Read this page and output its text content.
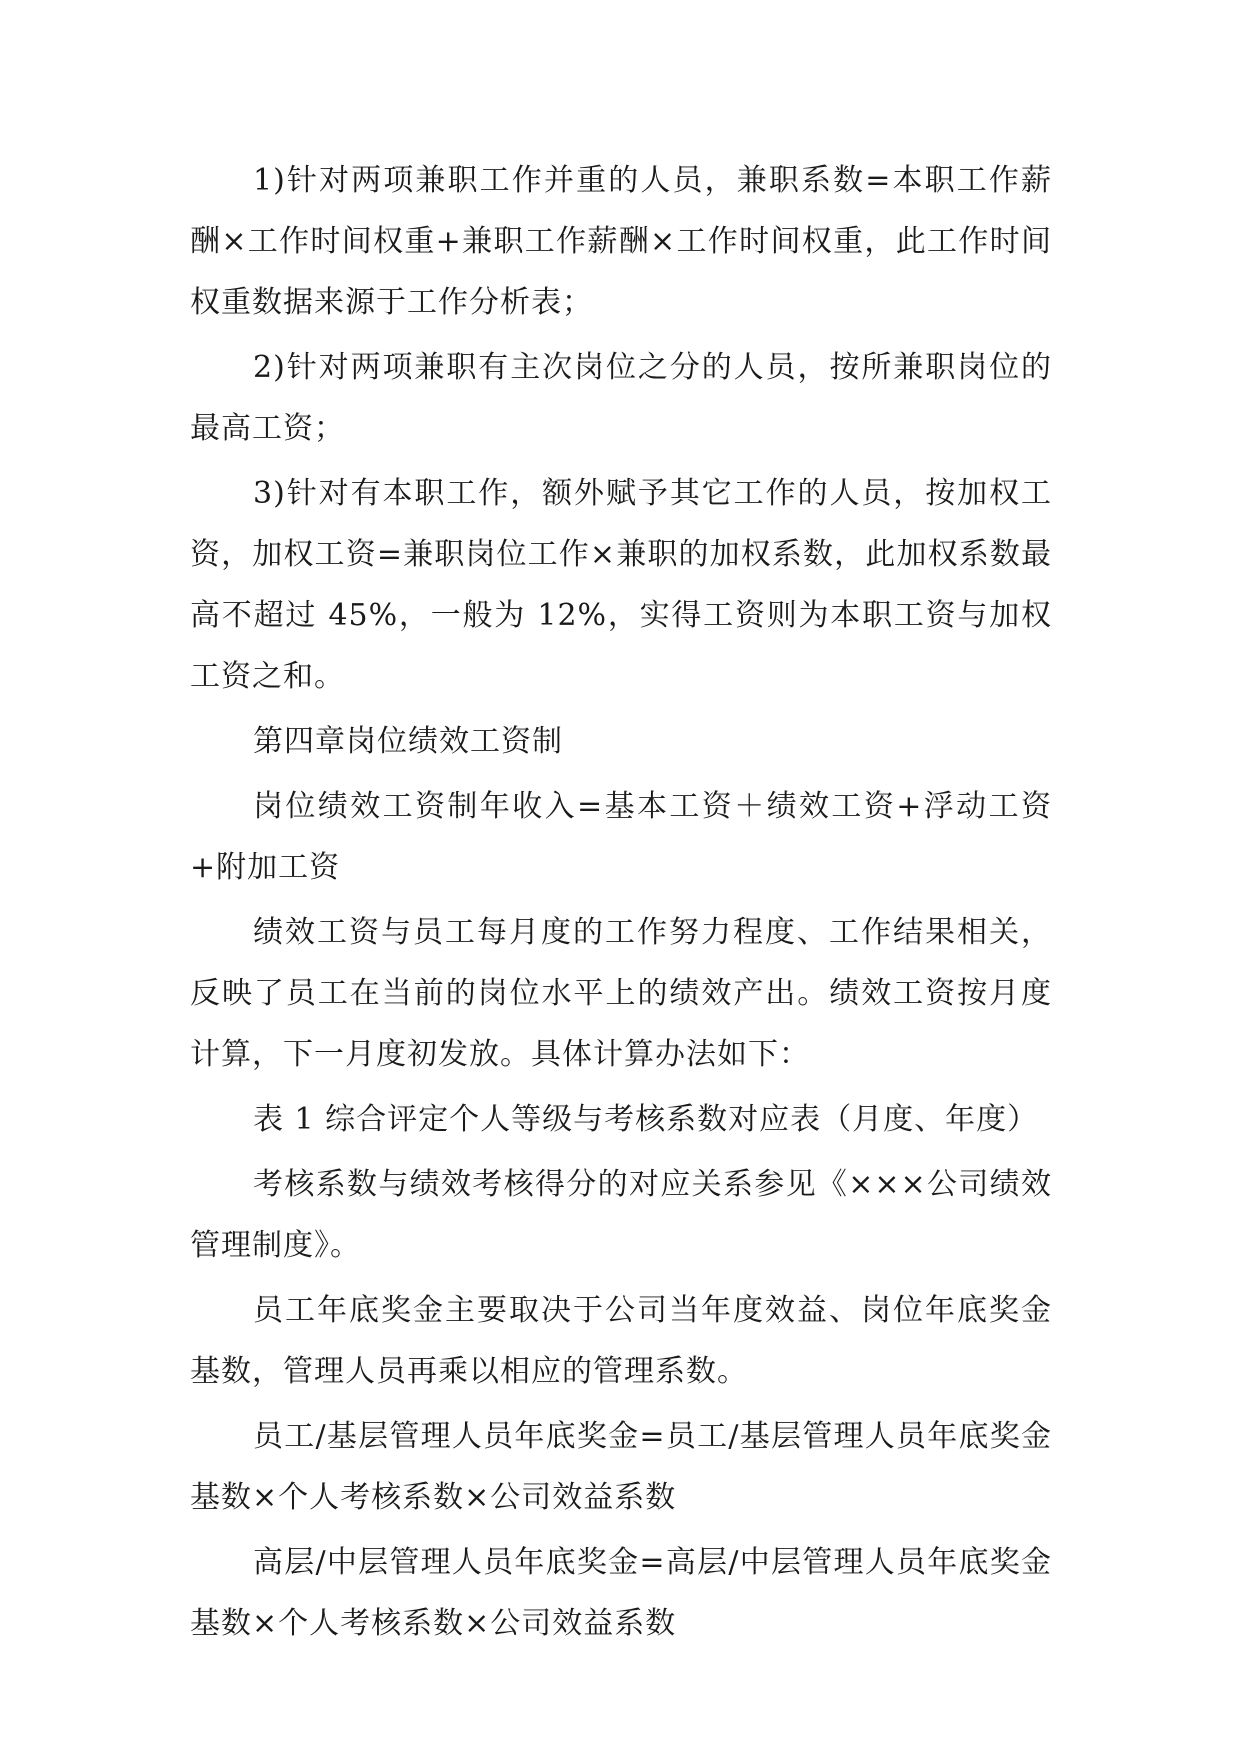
1)针对两项兼职工作并重的人员，兼职系数=本职工作薪酬×工作时间权重+兼职工作薪酬×工作时间权重，此工作时间权重数据来源于工作分析表；

2)针对两项兼职有主次岗位之分的人员，按所兼职岗位的最高工资；

3)针对有本职工作，额外赋予其它工作的人员，按加权工资，加权工资=兼职岗位工作×兼职的加权系数，此加权系数最高不超过 45%，一般为 12%，实得工资则为本职工资与加权工资之和。

第四章岗位绩效工资制

岗位绩效工资制年收入=基本工资＋绩效工资+浮动工资+附加工资

绩效工资与员工每月度的工作努力程度、工作结果相关，反映了员工在当前的岗位水平上的绩效产出。绩效工资按月度计算，下一月度初发放。具体计算办法如下：

表 1 综合评定个人等级与考核系数对应表（月度、年度）

考核系数与绩效考核得分的对应关系参见《×××公司绩效管理制度》。

员工年底奖金主要取决于公司当年度效益、岗位年底奖金基数，管理人员再乘以相应的管理系数。

员工/基层管理人员年底奖金=员工/基层管理人员年底奖金基数×个人考核系数×公司效益系数

高层/中层管理人员年底奖金=高层/中层管理人员年底奖金基数×个人考核系数×公司效益系数
